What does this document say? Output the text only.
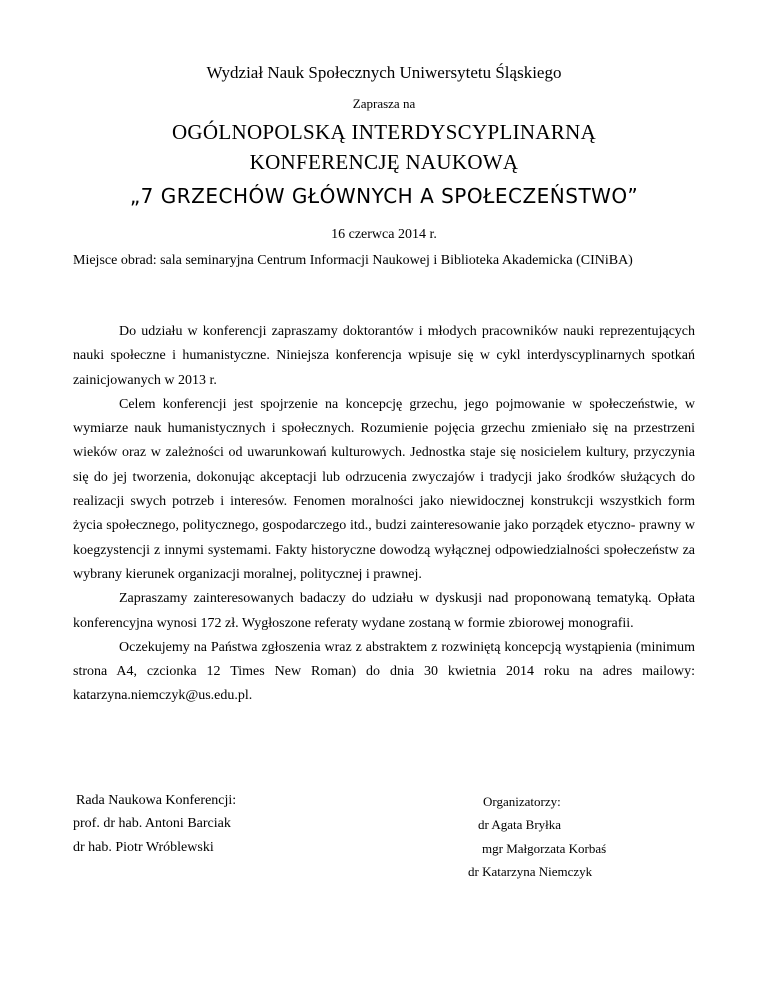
Wydział Nauk Społecznych Uniwersytetu Śląskiego
Zaprasza na
OGÓLNOPOLSKĄ INTERDYSCYPLINARNĄ
KONFERENCJĘ NAUKOWĄ
„7 GRZECHÓW GŁÓWNYCH A SPOŁECZEŃSTWO”
16 czerwca 2014 r.
Miejsce obrad: sala seminaryjna Centrum Informacji Naukowej i Biblioteka Akademicka (CINiBA)

Do udziału w konferencji zapraszamy doktorantów i młodych pracowników nauki reprezentujących nauki społeczne i humanistyczne. Niniejsza konferencja wpisuje się w cykl interdyscyplinarnych spotkań zainicjowanych w 2013 r.

Celem konferencji jest spojrzenie na koncepcję grzechu, jego pojmowanie w społeczeństwie, w wymiarze nauk humanistycznych i społecznych. Rozumienie pojęcia grzechu zmieniało się na przestrzeni wieków oraz w zależności od uwarunkowań kulturowych. Jednostka staje się nosicielem kultury, przyczynia się do jej tworzenia, dokonując akceptacji lub odrzucenia zwyczajów i tradycji jako środków służących do realizacji swych potrzeb i interesów. Fenomen moralności jako niewidocznej konstrukcji wszystkich form życia społecznego, politycznego, gospodarczego itd., budzi zainteresowanie jako porządek etyczno- prawny w koegzystencji z innymi systemami. Fakty historyczne dowodzą wyłącznej odpowiedzialności społeczeństw za wybrany kierunek organizacji moralnej, politycznej i prawnej.

Zapraszamy zainteresowanych badaczy do udziału w dyskusji nad proponowaną tematyką. Opłata konferencyjna wynosi 172 zł. Wygłoszone referaty wydane zostaną w formie zbiorowej monografii.

Oczekujemy na Państwa zgłoszenia wraz z abstraktem z rozwiniętą koncepcją wystąpienia (minimum strona A4, czcionka 12 Times New Roman) do dnia 30 kwietnia 2014 roku na adres mailowy: katarzyna.niemczyk@us.edu.pl.

Rada Naukowa Konferencji:
prof. dr hab. Antoni Barciak
dr hab. Piotr Wróblewski
Organizatorzy:
dr Agata Bryłka
mgr Małgorzata Korbaś
dr Katarzyna Niemczyk
